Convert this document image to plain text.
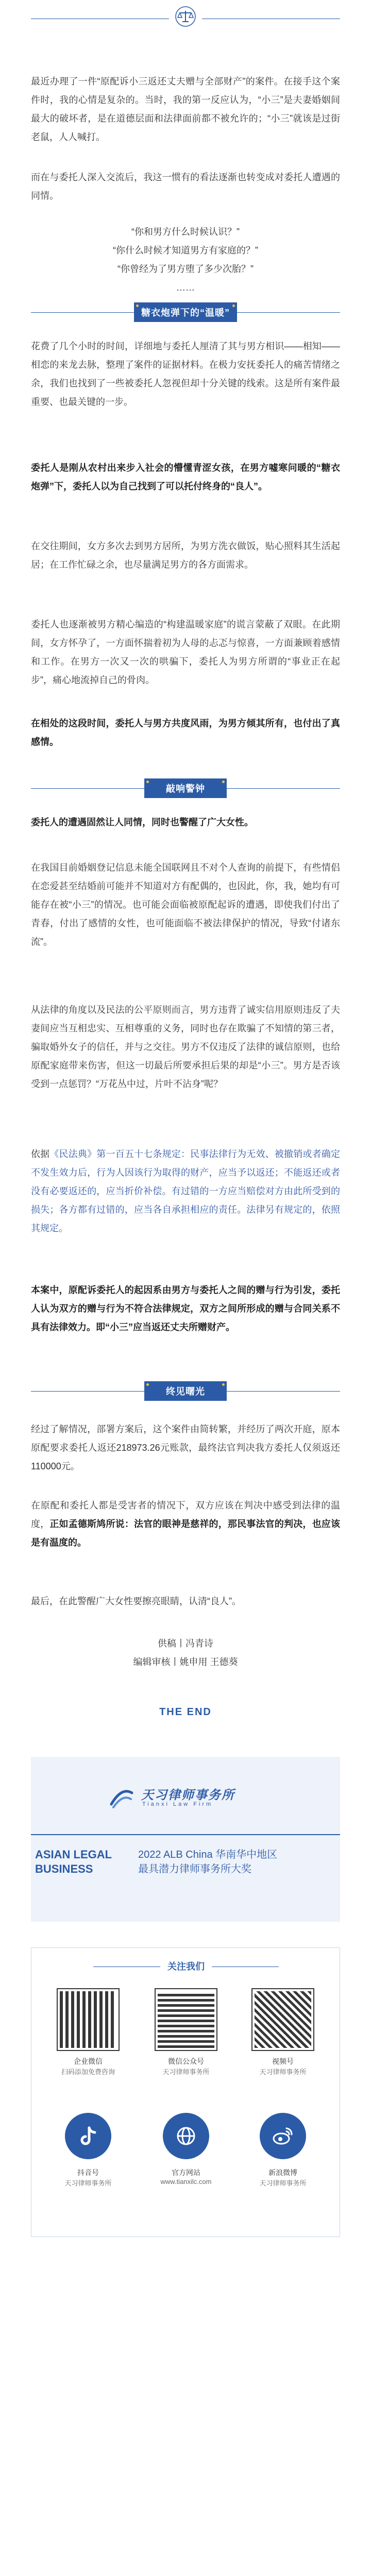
最近办理了一件“原配诉小三返还丈夫赠与全部财产”的案件。在接手这个案件时，我的心情是复杂的。当时，我的第一反应认为，“小三”是夫妻婚姻间最大的破坏者，是在道德层面和法律面前都不被允许的；“小三”就该是过街老鼠，人人喊打。

而在与委托人深入交流后，我这一惯有的看法逐渐也转变成对委托人遭遇的同情。

“你和男方什么时候认识？”
“你什么时候才知道男方有家庭的？”
“你曾经为了男方堕了多少次胎？”
……
糖衣炮弹下的“温暖”

花费了几个小时的时间，详细地与委托人厘清了其与男方相识——相知——相恋的来龙去脉，整理了案件的证据材料。在极力安抚委托人的痛苦情绪之余，我们也找到了一些被委托人忽视但却十分关键的线索。这是所有案件最重要、也最关键的一步。

委托人是刚从农村出来步入社会的懵懂青涩女孩，在男方嘘寒问暖的“糖衣炮弹”下，委托人以为自己找到了可以托付终身的“良人”。

在交往期间，女方多次去到男方居所，为男方洗衣做饭，贴心照料其生活起居；在工作忙碌之余，也尽量满足男方的各方面需求。

委托人也逐渐被男方精心编造的“构建温暖家庭”的谎言蒙蔽了双眼。在此期间，女方怀孕了，一方面怀揣着初为人母的忐忑与惊喜，一方面兼顾着感情和工作。在男方一次又一次的哄骗下，委托人为男方所谓的“事业正在起步”，痛心地流掉自己的骨肉。

在相处的这段时间，委托人与男方共度风雨，为男方倾其所有，也付出了真感情。

敲响警钟

委托人的遭遇固然让人同情，同时也警醒了广大女性。

在我国目前婚姻登记信息未能全国联网且不对个人查询的前提下，有些情侣在恋爱甚至结婚前可能并不知道对方有配偶的，也因此，你，我，她均有可能存在被“小三”的情况。也可能会面临被原配起诉的遭遇，即使我们付出了青春，付出了感情的女性，也可能面临不被法律保护的情况，导致“付诸东流”。

从法律的角度以及民法的公平原则而言，男方违背了诚实信用原则违反了夫妻间应当互相忠实、互相尊重的义务，同时也存在欺骗了不知情的第三者，骗取婚外女子的信任，并与之交往。男方不仅违反了法律的诚信原则，也给原配家庭带来伤害，但这一切最后所要承担后果的却是“小三”。男方是否该受到一点惩罚？“万花丛中过，片叶不沾身”呢？

依据《民法典》第一百五十七条规定：民事法律行为无效、被撤销或者确定不发生效力后，行为人因该行为取得的财产，应当予以返还；不能返还或者没有必要返还的，应当折价补偿。有过错的一方应当赔偿对方由此所受到的损失；各方都有过错的，应当各自承担相应的责任。法律另有规定的，依照其规定。

本案中，原配诉委托人的起因系由男方与委托人之间的赠与行为引发，委托人认为双方的赠与行为不符合法律规定，双方之间所形成的赠与合同关系不具有法律效力。即“小三”应当返还丈夫所赠财产。

终见曙光

经过了解情况，部署方案后，这个案件由简转繁，并经历了两次开庭，原本原配要求委托人返还218973.26元账款，最终法官判决我方委托人仅须返还110000元。

在原配和委托人都是受害者的情况下，双方应该在判决中感受到法律的温度，正如孟德斯鸠所说：法官的眼神是慈祥的，那民事法官的判决，也应该是有温度的。

最后，在此警醒广大女性要擦亮眼睛，认清“良人”。

供稿丨冯青诗
编辑审核丨姚申用 王德葵
THE END
天习律师事务所
Tianxi Law Firm
ASIAN LEGAL
BUSINESS
2022 ALB China 华南华中地区
最具潜力律师事务所大奖
关注我们
企业微信
扫码添加免费咨询
微信公众号
天习律师事务所
视频号
天习律师事务所
抖音号
天习律师事务所
官方网站
www.tianxilc.com
新浪微博
天习律师事务所
